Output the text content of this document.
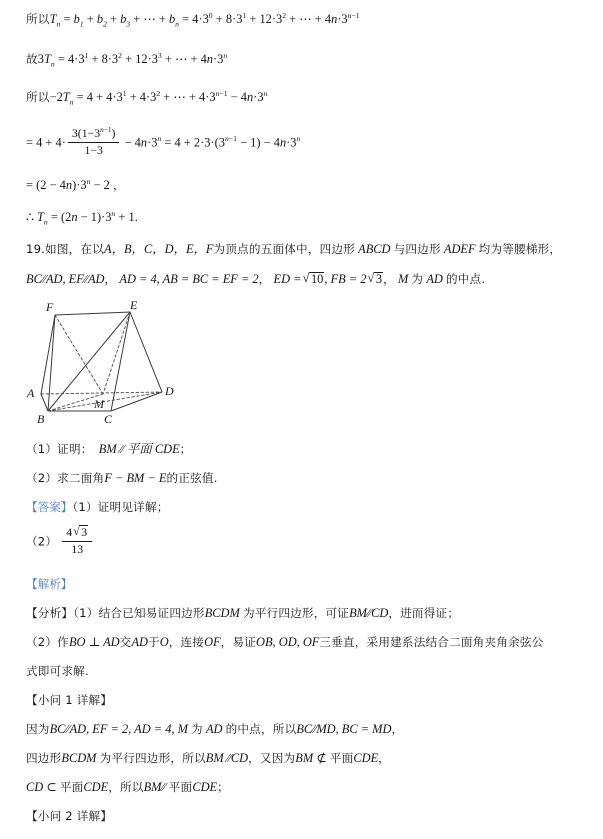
所以$T_n = b_1 + b_2 + b_3$ + ⋯ + $b_n = 4\cdot 3^0 + 8\cdot 3^1 + 12\cdot 3^2$ + ⋯ + $4n\cdot 3^{n-1}$
故$3T_n = 4\cdot 3^1 + 8\cdot 3^2 + 12\cdot 3^3$ + ⋯ + $4n\cdot 3^n$
所以$-2T_n = 4 + 4\cdot 3^1 + 4\cdot 3^2$ + ⋯ + $4\cdot 3^{n-1} - 4n\cdot 3^n$
= $4 + 4\cdot \frac{3(1-3^{n-1})}{1-3} - 4n\cdot 3^n = 4 + 2\cdot 3\cdot(3^{n-1} - 1) - 4n\cdot 3^n$
= $(2 - 4n)\cdot 3^n - 2$ ，
∴ $T_n = (2n - 1)\cdot 3^n + 1$.
19.如图，在以A，B，C，D，E，F为顶点的五面体中，四边形 ABCD 与四边形 ADEF 均为等腰梯形，
BC∕∕AD, EF∕∕AD， AD = 4, AB = BC = EF = 2， ED = √ 10, FB = 2 √ 3， M 为 AD 的中点.
F	E
A	D
B	C
M
（1）证明： BM ∕∕ 平面 CDE；
（2）求二面角F − BM − E的正弦值.
【答案】（1）证明见详解；
$(2) \frac{4 √ 3}{13}$
【解析】
【分析】（1）结合已知易证四边形BCDM 为平行四边形，可证BM∕∕CD，进而得证；
（2）作BO ⊥ AD交AD于O，连接OF，易证OB, OD, OF三垂直，采用建系法结合二面角夹角余弦公
式即可求解.
【小问 1 详解】
因为BC∕∕AD, EF = 2, AD = 4, M 为 AD 的中点，所以BC∕∕MD, BC = MD，
四边形BCDM 为平行四边形，所以BM ∕∕CD，又因为BM ⊄ 平面CDE，
CD ⊂ 平面CDE，所以BM∕∕ 平面CDE；
【小问 2 详解】
